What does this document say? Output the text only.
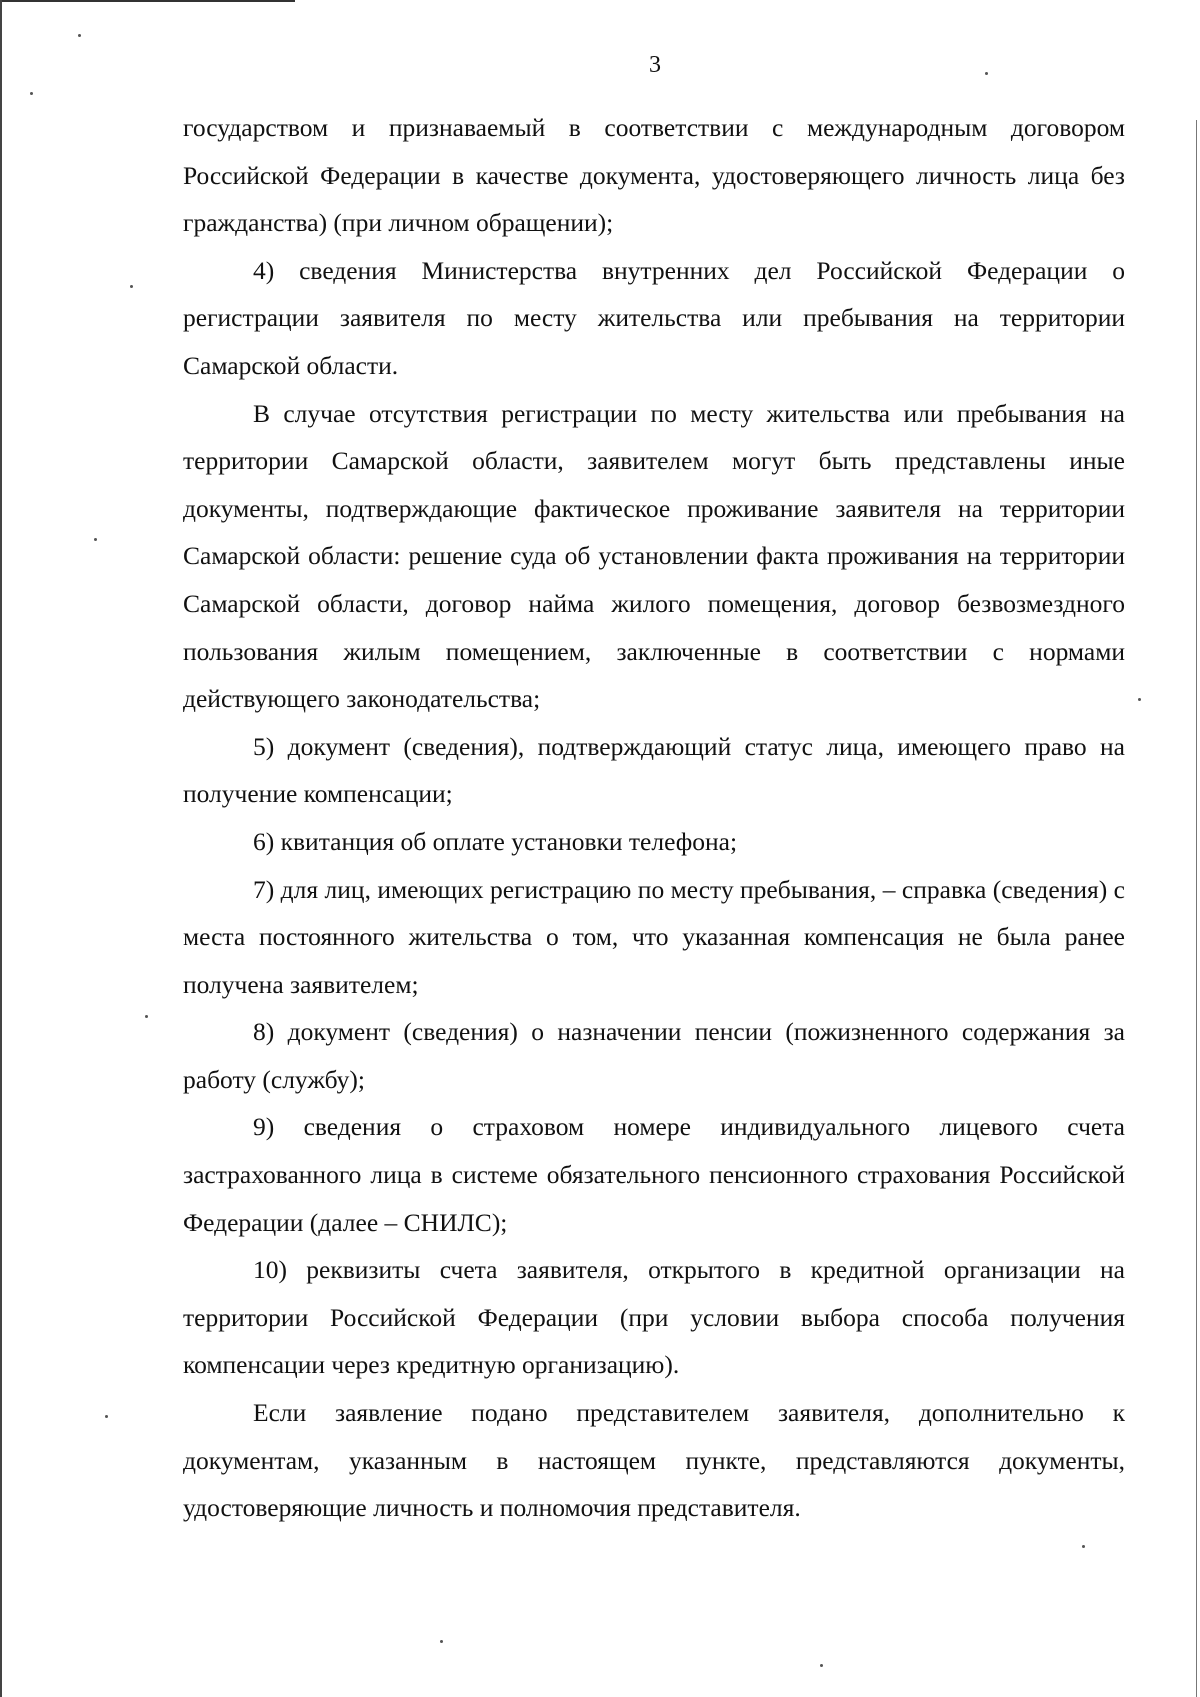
3

государством и признаваемый в соответствии с международным договором Российской Федерации в качестве документа, удостоверяющего личность лица без гражданства) (при личном обращении);

4) сведения Министерства внутренних дел Российской Федерации о регистрации заявителя по месту жительства или пребывания на территории Самарской области.

В случае отсутствия регистрации по месту жительства или пребывания на территории Самарской области, заявителем могут быть представлены иные документы, подтверждающие фактическое проживание заявителя на территории Самарской области: решение суда об установлении факта проживания на территории Самарской области, договор найма жилого помещения, договор безвозмездного пользования жилым помещением, заключенные в соответствии с нормами действующего законодательства;

5) документ (сведения), подтверждающий статус лица, имеющего право на получение компенсации;

6) квитанция об оплате установки телефона;

7) для лиц, имеющих регистрацию по месту пребывания, – справка (сведения) с места постоянного жительства о том, что указанная компенсация не была ранее получена заявителем;

8) документ (сведения) о назначении пенсии (пожизненного содержания за работу (службу);

9) сведения о страховом номере индивидуального лицевого счета застрахованного лица в системе обязательного пенсионного страхования Российской Федерации (далее – СНИЛС);

10) реквизиты счета заявителя, открытого в кредитной организации на территории Российской Федерации (при условии выбора способа получения компенсации через кредитную организацию).

Если заявление подано представителем заявителя, дополнительно к документам, указанным в настоящем пункте, представляются документы, удостоверяющие личность и полномочия представителя.
